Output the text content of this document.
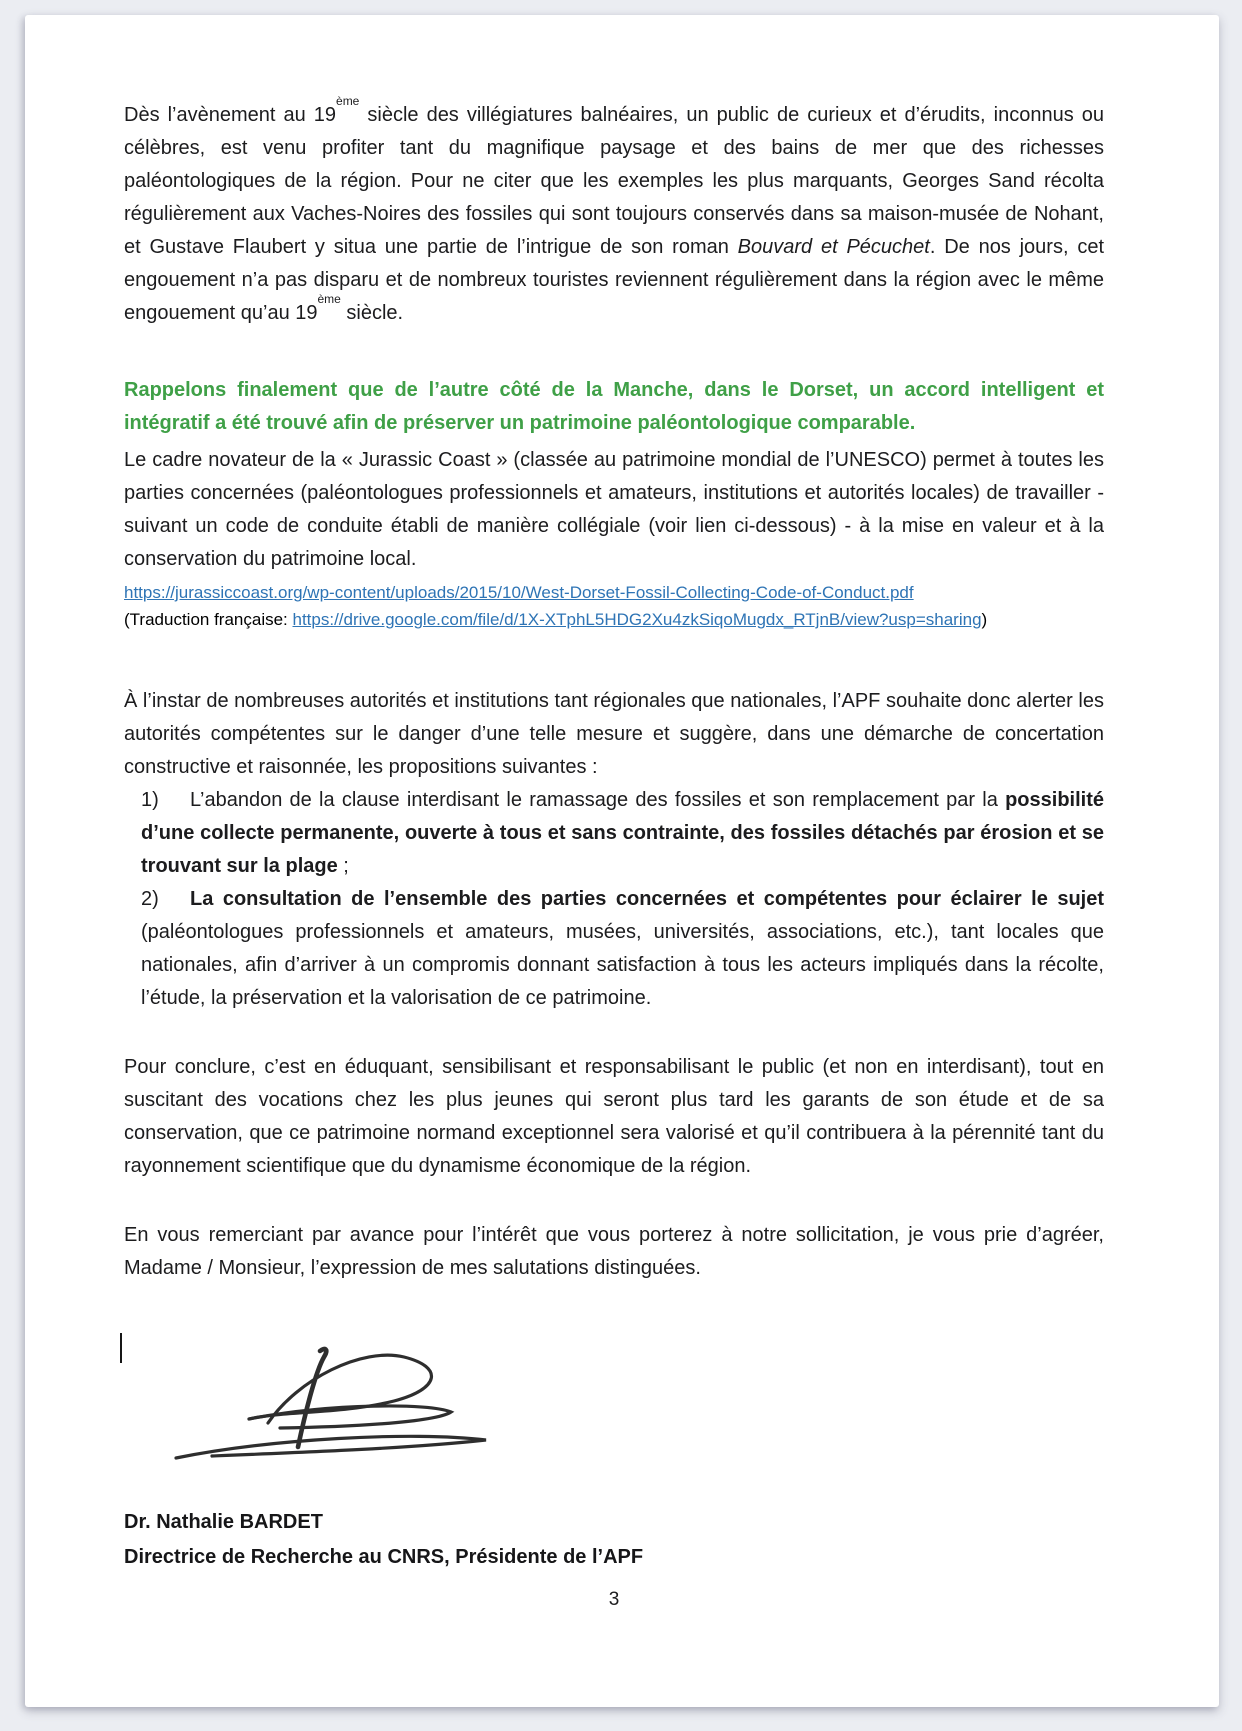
Dès l’avènement au 19ème siècle des villégiatures balnéaires, un public de curieux et d’érudits, inconnus ou célèbres, est venu profiter tant du magnifique paysage et des bains de mer que des richesses paléontologiques de la région. Pour ne citer que les exemples les plus marquants, Georges Sand récolta régulièrement aux Vaches-Noires des fossiles qui sont toujours conservés dans sa maison-musée de Nohant, et Gustave Flaubert y situa une partie de l’intrigue de son roman Bouvard et Pécuchet. De nos jours, cet engouement n’a pas disparu et de nombreux touristes reviennent régulièrement dans la région avec le même engouement qu’au 19ème siècle.

Rappelons finalement que de l’autre côté de la Manche, dans le Dorset, un accord intelligent et intégratif a été trouvé afin de préserver un patrimoine paléontologique comparable.

Le cadre novateur de la « Jurassic Coast » (classée au patrimoine mondial de l’UNESCO) permet à toutes les parties concernées (paléontologues professionnels et amateurs, institutions et autorités locales) de travailler - suivant un code de conduite établi de manière collégiale (voir lien ci-dessous) - à la mise en valeur et à la conservation du patrimoine local.

https://jurassiccoast.org/wp-content/uploads/2015/10/West-Dorset-Fossil-Collecting-Code-of-Conduct.pdf
(Traduction française: https://drive.google.com/file/d/1X-XTphL5HDG2Xu4zkSiqoMugdx_RTjnB/view?usp=sharing)

À l’instar de nombreuses autorités et institutions tant régionales que nationales, l’APF souhaite donc alerter les autorités compétentes sur le danger d’une telle mesure et suggère, dans une démarche de concertation constructive et raisonnée, les propositions suivantes :

1) L’abandon de la clause interdisant le ramassage des fossiles et son remplacement par la possibilité d’une collecte permanente, ouverte à tous et sans contrainte, des fossiles détachés par érosion et se trouvant sur la plage ;

2) La consultation de l’ensemble des parties concernées et compétentes pour éclairer le sujet (paléontologues professionnels et amateurs, musées, universités, associations, etc.), tant locales que nationales, afin d’arriver à un compromis donnant satisfaction à tous les acteurs impliqués dans la récolte, l’étude, la préservation et la valorisation de ce patrimoine.

Pour conclure, c’est en éduquant, sensibilisant et responsabilisant le public (et non en interdisant), tout en suscitant des vocations chez les plus jeunes qui seront plus tard les garants de son étude et de sa conservation, que ce patrimoine normand exceptionnel sera valorisé et qu’il contribuera à la pérennité tant du rayonnement scientifique que du dynamisme économique de la région.

En vous remerciant par avance pour l’intérêt que vous porterez à notre sollicitation, je vous prie d’agréer, Madame / Monsieur, l’expression de mes salutations distinguées.

Dr. Nathalie BARDET
Directrice de Recherche au CNRS, Présidente de l’APF
3
